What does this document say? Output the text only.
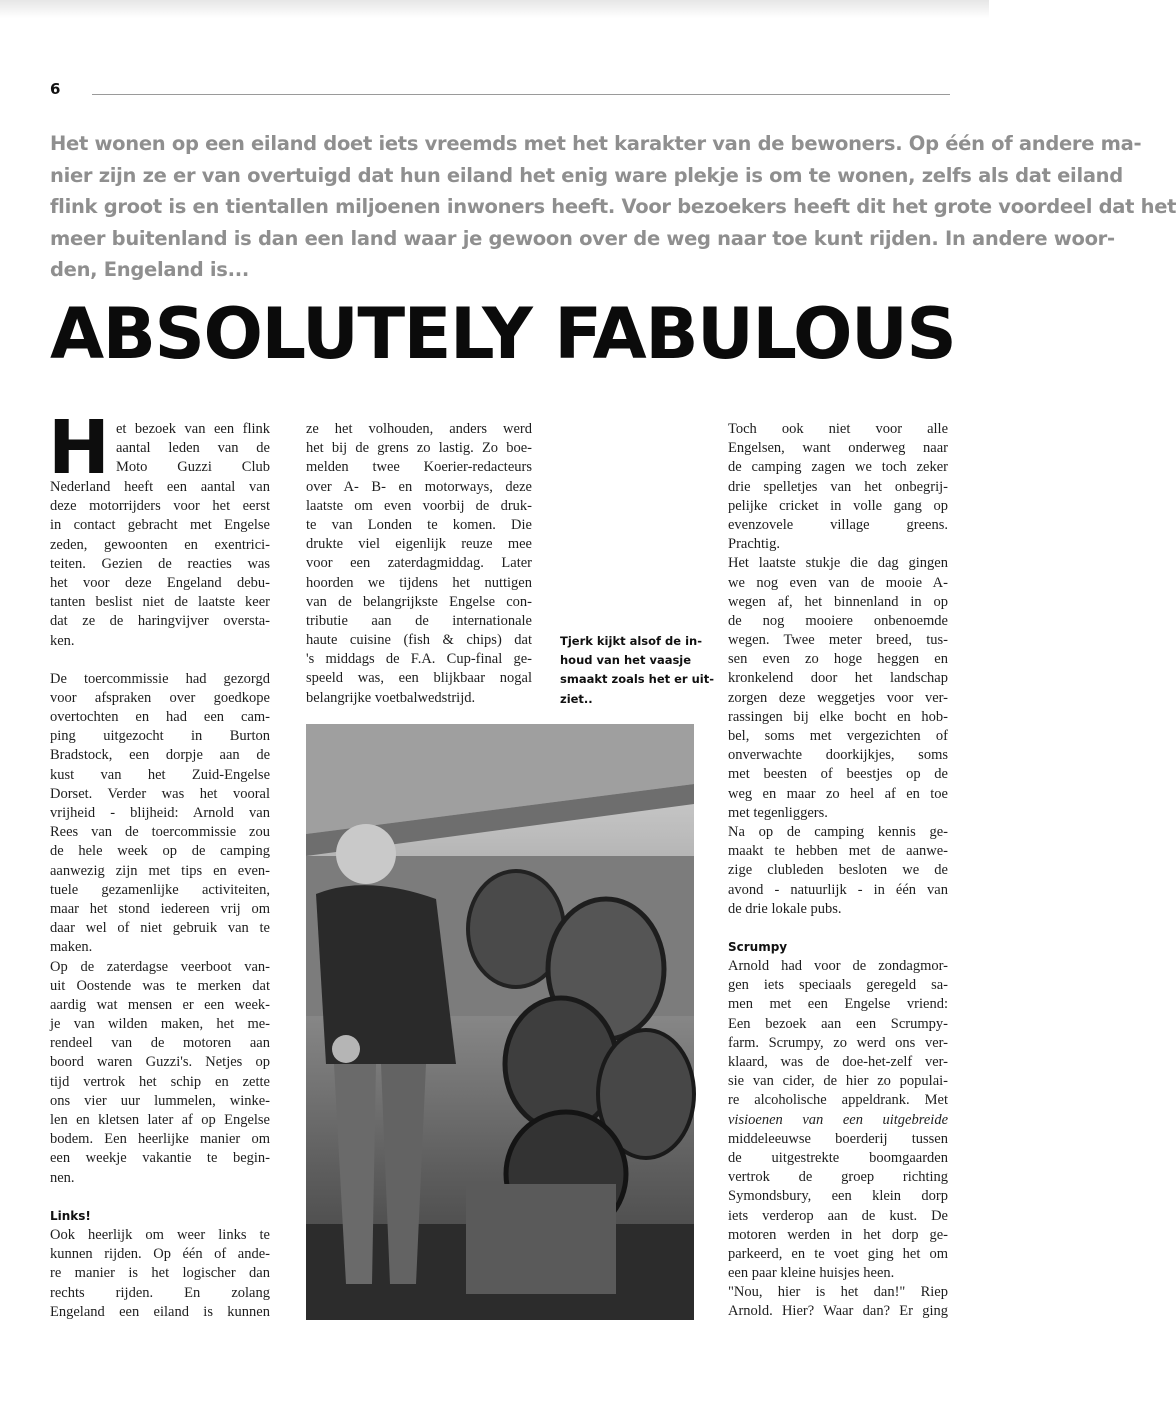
6
Het wonen op een eiland doet iets vreemds met het karakter van de bewoners. Op één of andere ma-
nier zijn ze er van overtuigd dat hun eiland het enig ware plekje is om te wonen, zelfs als dat eiland
flink groot is en tientallen miljoenen inwoners heeft. Voor bezoekers heeft dit het grote voordeel dat het
meer buitenland is dan een land waar je gewoon over de weg naar toe kunt rijden. In andere woor-
den, Engeland is...
ABSOLUTELY FABULOUS
H et bezoek van een flink
aantal leden van de
Moto Guzzi Club
Nederland heeft een aantal van
deze motorrijders voor het eerst
in contact gebracht met Engelse
zeden, gewoonten en exentrici-
teiten. Gezien de reacties was
het voor deze Engeland debu-
tanten beslist niet de laatste keer
dat ze de haringvijver oversta-
ken.
De toercommissie had gezorgd
voor afspraken over goedkope
overtochten en had een cam-
ping uitgezocht in Burton
Bradstock, een dorpje aan de
kust van het Zuid-Engelse
Dorset. Verder was het vooral
vrijheid - blijheid: Arnold van
Rees van de toercommissie zou
de hele week op de camping
aanwezig zijn met tips en even-
tuele gezamenlijke activiteiten,
maar het stond iedereen vrij om
daar wel of niet gebruik van te
maken.
Op de zaterdagse veerboot van-
uit Oostende was te merken dat
aardig wat mensen er een week-
je van wilden maken, het me-
rendeel van de motoren aan
boord waren Guzzi's. Netjes op
tijd vertrok het schip en zette
ons vier uur lummelen, winke-
len en kletsen later af op Engelse
bodem. Een heerlijke manier om
een weekje vakantie te begin-
nen.
Links!
Ook heerlijk om weer links te
kunnen rijden. Op één of ande-
re manier is het logischer dan
rechts rijden. En zolang
Engeland een eiland is kunnen
ze het volhouden, anders werd
het bij de grens zo lastig. Zo boe-
melden twee Koerier-redacteurs
over A- B- en motorways, deze
laatste om even voorbij de druk-
te van Londen te komen. Die
drukte viel eigenlijk reuze mee
voor een zaterdagmiddag. Later
hoorden we tijdens het nuttigen
van de belangrijkste Engelse con-
tributie aan de internationale
haute cuisine (fish & chips) dat
's middags de F.A. Cup-final ge-
speeld was, een blijkbaar nogal
belangrijke voetbalwedstrijd.
Tjerk kijkt alsof de in-
houd van het vaasje
smaakt zoals het er uit-
ziet..
Toch ook niet voor alle
Engelsen, want onderweg naar
de camping zagen we toch zeker
drie spelletjes van het onbegrij-
pelijke cricket in volle gang op
evenzovele village greens.
Prachtig.
Het laatste stukje die dag gingen
we nog even van de mooie A-
wegen af, het binnenland in op
de nog mooiere onbenoemde
wegen. Twee meter breed, tus-
sen even zo hoge heggen en
kronkelend door het landschap
zorgen deze weggetjes voor ver-
rassingen bij elke bocht en hob-
bel, soms met vergezichten of
onverwachte doorkijkjes, soms
met beesten of beestjes op de
weg en maar zo heel af en toe
met tegenliggers.
Na op de camping kennis ge-
maakt te hebben met de aanwe-
zige clubleden besloten we de
avond - natuurlijk - in één van
de drie lokale pubs.
Scrumpy
Arnold had voor de zondagmor-
gen iets speciaals geregeld sa-
men met een Engelse vriend:
Een bezoek aan een Scrumpy-
farm. Scrumpy, zo werd ons ver-
klaard, was de doe-het-zelf ver-
sie van cider, de hier zo populai-
re alcoholische appeldrank. Met
visioenen van een uitgebreide
middeleeuwse boerderij tussen
de uitgestrekte boomgaarden
vertrok de groep richting
Symondsbury, een klein dorp
iets verderop aan de kust. De
motoren werden in het dorp ge-
parkeerd, en te voet ging het om
een paar kleine huisjes heen.
"Nou, hier is het dan!" Riep
Arnold. Hier? Waar dan? Er ging
